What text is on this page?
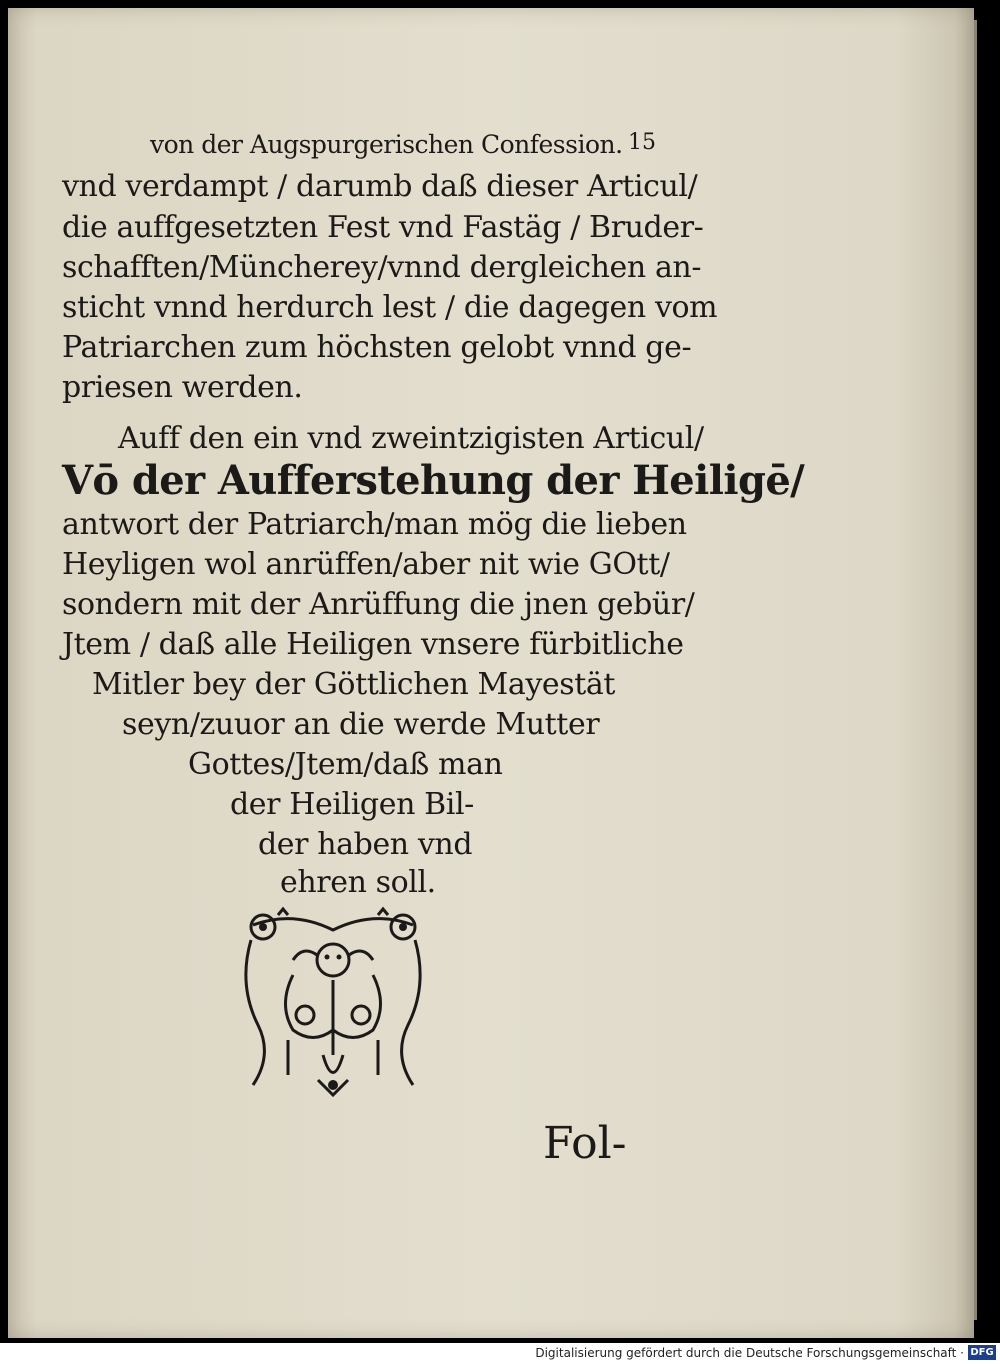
von der Augspurgerischen Confession. 15
vnd verdampt / darumb daß dieser Articul/
die auffgesetzten Fest vnd Fastäg / Bruder-
schafften/Müncherey/vnnd dergleichen an-
sticht vnnd herdurch lest / die dagegen vom
Patriarchen zum höchsten gelobt vnnd ge-
priesen werden.
Auff den ein vnd zweintzigisten Articul/
Vō der Aufferstehung der Heiligē/
antwort der Patriarch/man mög die lieben
Heyligen wol anrüffen/aber nit wie GOtt/
sondern mit der Anrüffung die jnen gebür/
Jtem / daß alle Heiligen vnsere fürbitliche
Mitler bey der Göttlichen Mayestät
seyn/zuuor an die werde Mutter
Gottes/Jtem/daß man
der Heiligen Bil-
der haben vnd
ehren soll.
Fol-
Digitalisierung gefördert durch die Deutsche Forschungsgemeinschaft · DFG
